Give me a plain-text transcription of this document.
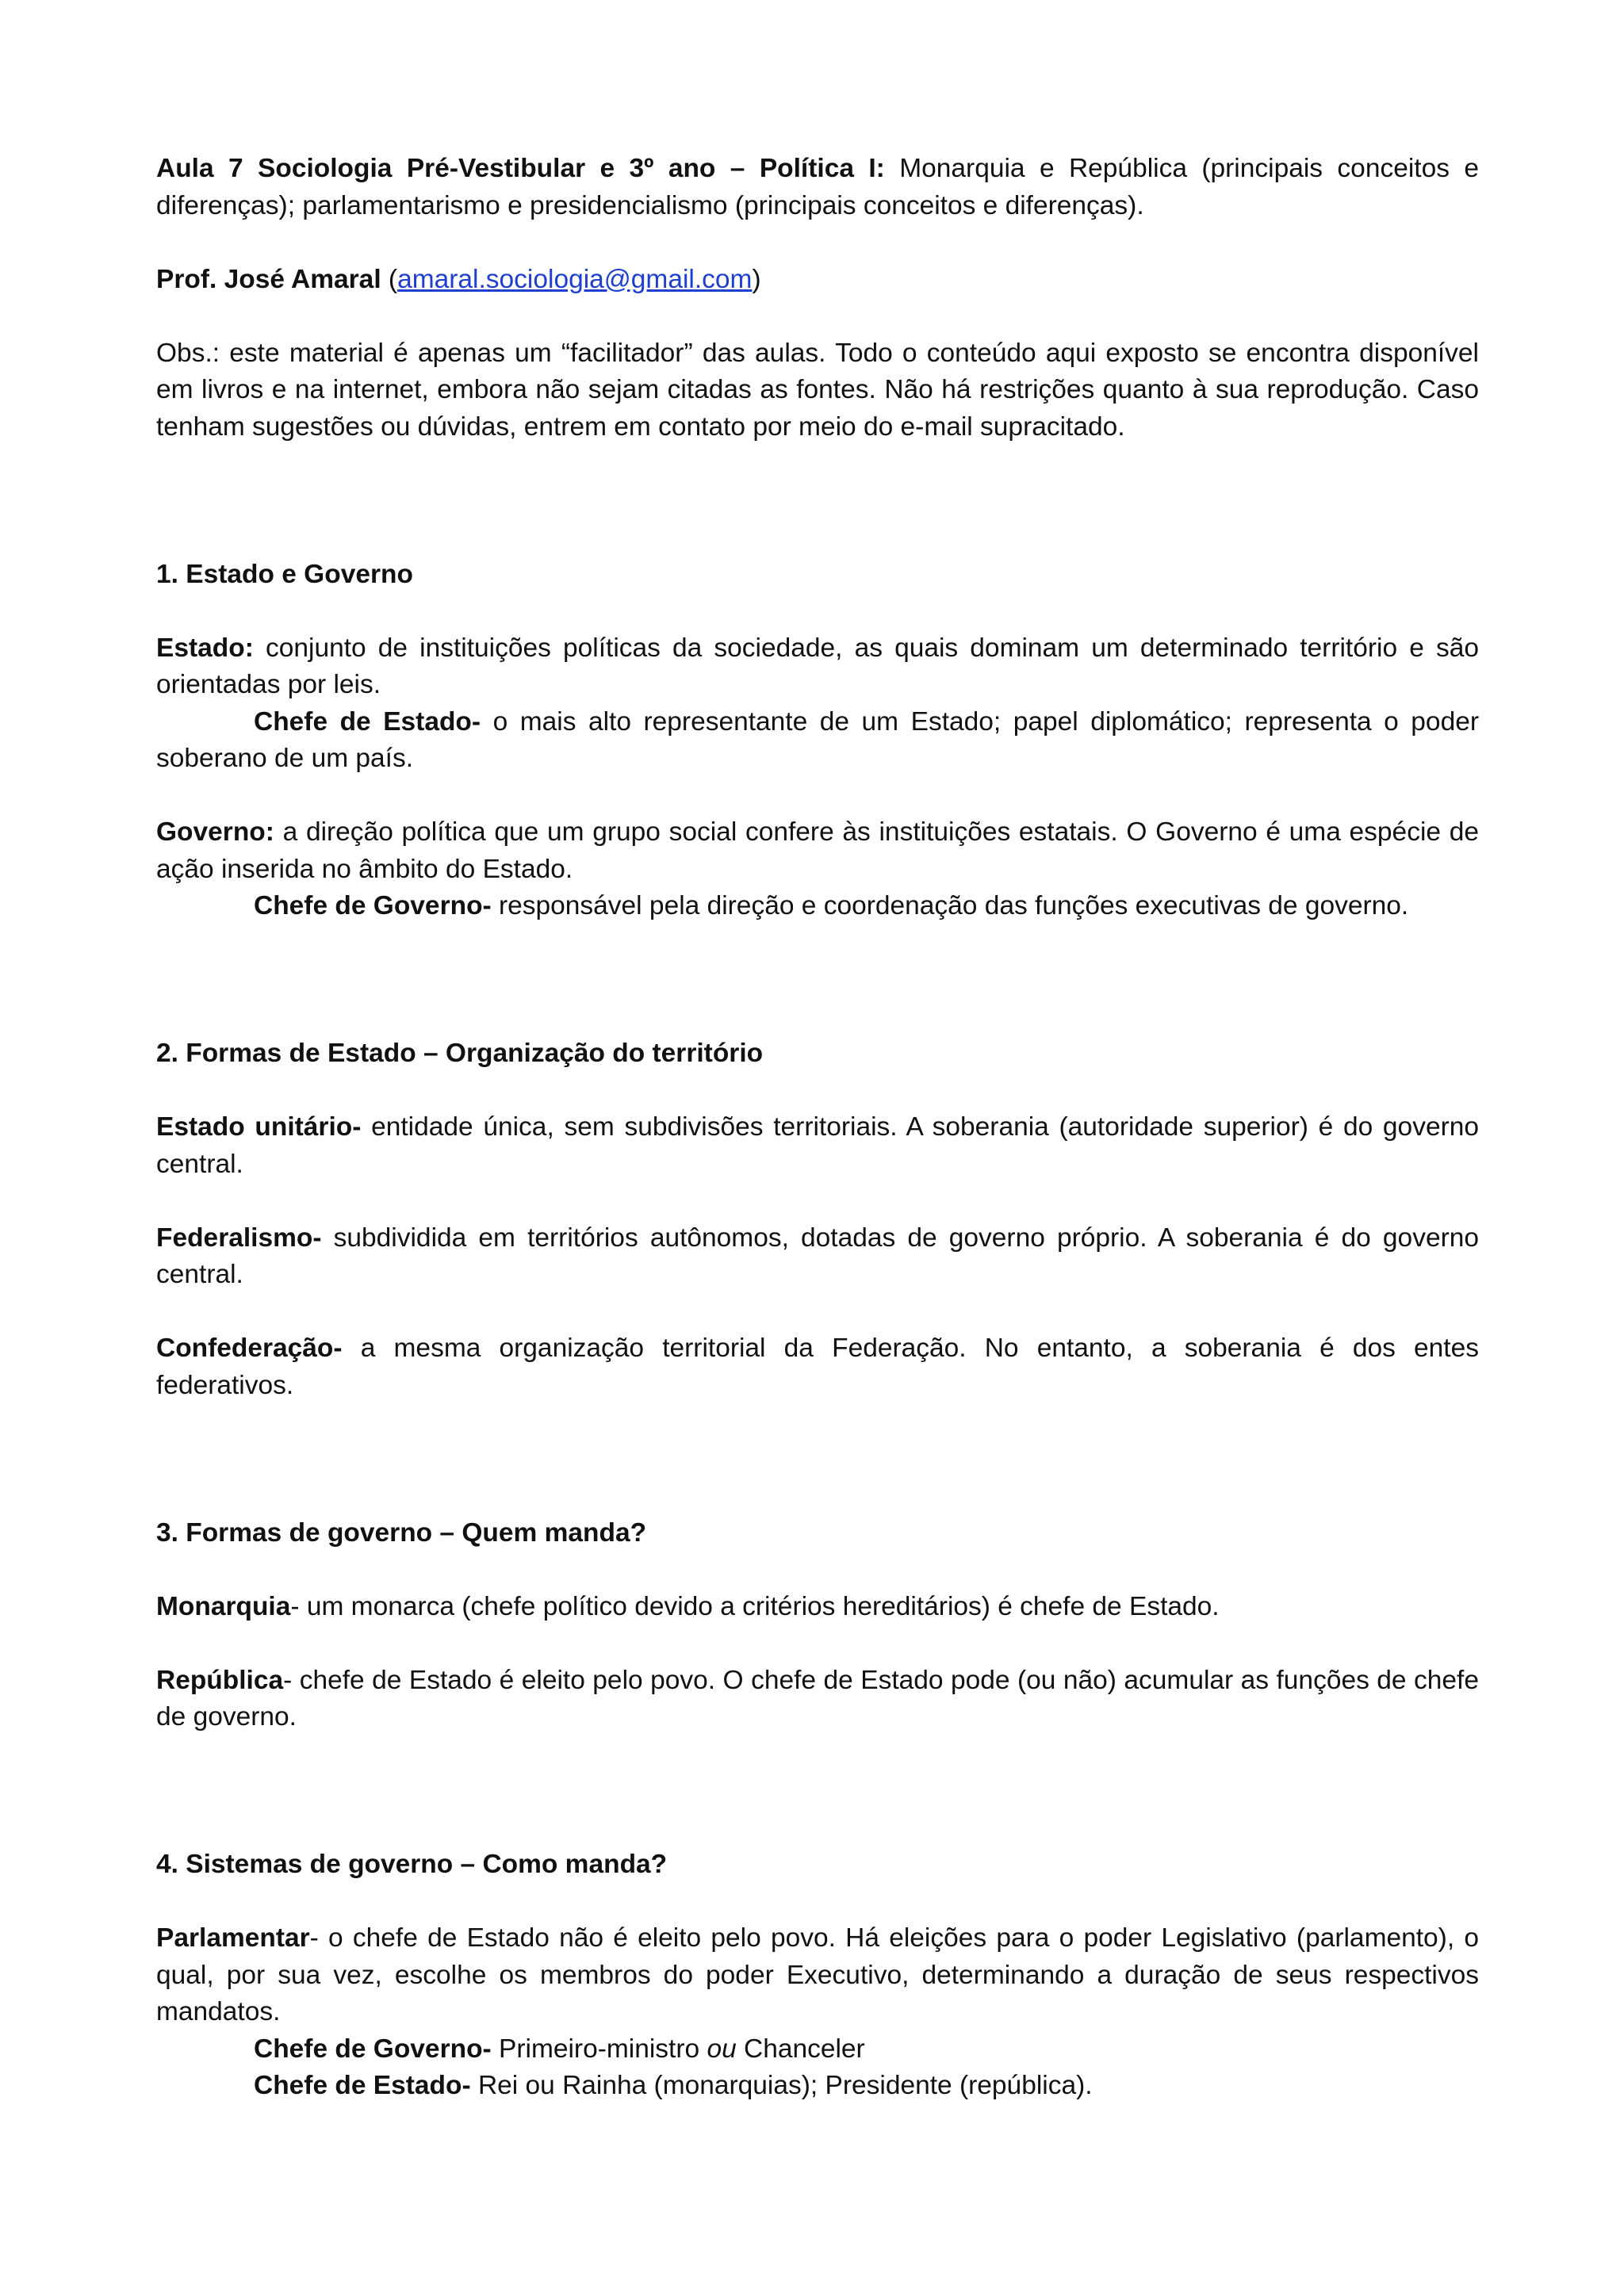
Aula 7 Sociologia Pré-Vestibular e 3º ano – Política I: Monarquia e República (principais conceitos e diferenças); parlamentarismo e presidencialismo (principais conceitos e diferenças).

Prof. José Amaral (amaral.sociologia@gmail.com)

Obs.: este material é apenas um “facilitador” das aulas. Todo o conteúdo aqui exposto se encontra disponível em livros e na internet, embora não sejam citadas as fontes. Não há restrições quanto à sua reprodução. Caso tenham sugestões ou dúvidas, entrem em contato por meio do e-mail supracitado.

1. Estado e Governo

Estado: conjunto de instituições políticas da sociedade, as quais dominam um determinado território e são orientadas por leis.

Chefe de Estado- o mais alto representante de um Estado; papel diplomático; representa o poder soberano de um país.

Governo: a direção política que um grupo social confere às instituições estatais. O Governo é uma espécie de ação inserida no âmbito do Estado.

Chefe de Governo- responsável pela direção e coordenação das funções executivas de governo.

2. Formas de Estado – Organização do território

Estado unitário- entidade única, sem subdivisões territoriais. A soberania (autoridade superior) é do governo central.

Federalismo- subdividida em territórios autônomos, dotadas de governo próprio. A soberania é do governo central.

Confederação- a mesma organização territorial da Federação. No entanto, a soberania é dos entes federativos.

3. Formas de governo – Quem manda?

Monarquia- um monarca (chefe político devido a critérios hereditários) é chefe de Estado.

República- chefe de Estado é eleito pelo povo. O chefe de Estado pode (ou não) acumular as funções de chefe de governo.

4. Sistemas de governo – Como manda?

Parlamentar- o chefe de Estado não é eleito pelo povo. Há eleições para o poder Legislativo (parlamento), o qual, por sua vez, escolhe os membros do poder Executivo, determinando a duração de seus respectivos mandatos.

Chefe de Governo- Primeiro-ministro ou Chanceler

Chefe de Estado- Rei ou Rainha (monarquias); Presidente (república).
